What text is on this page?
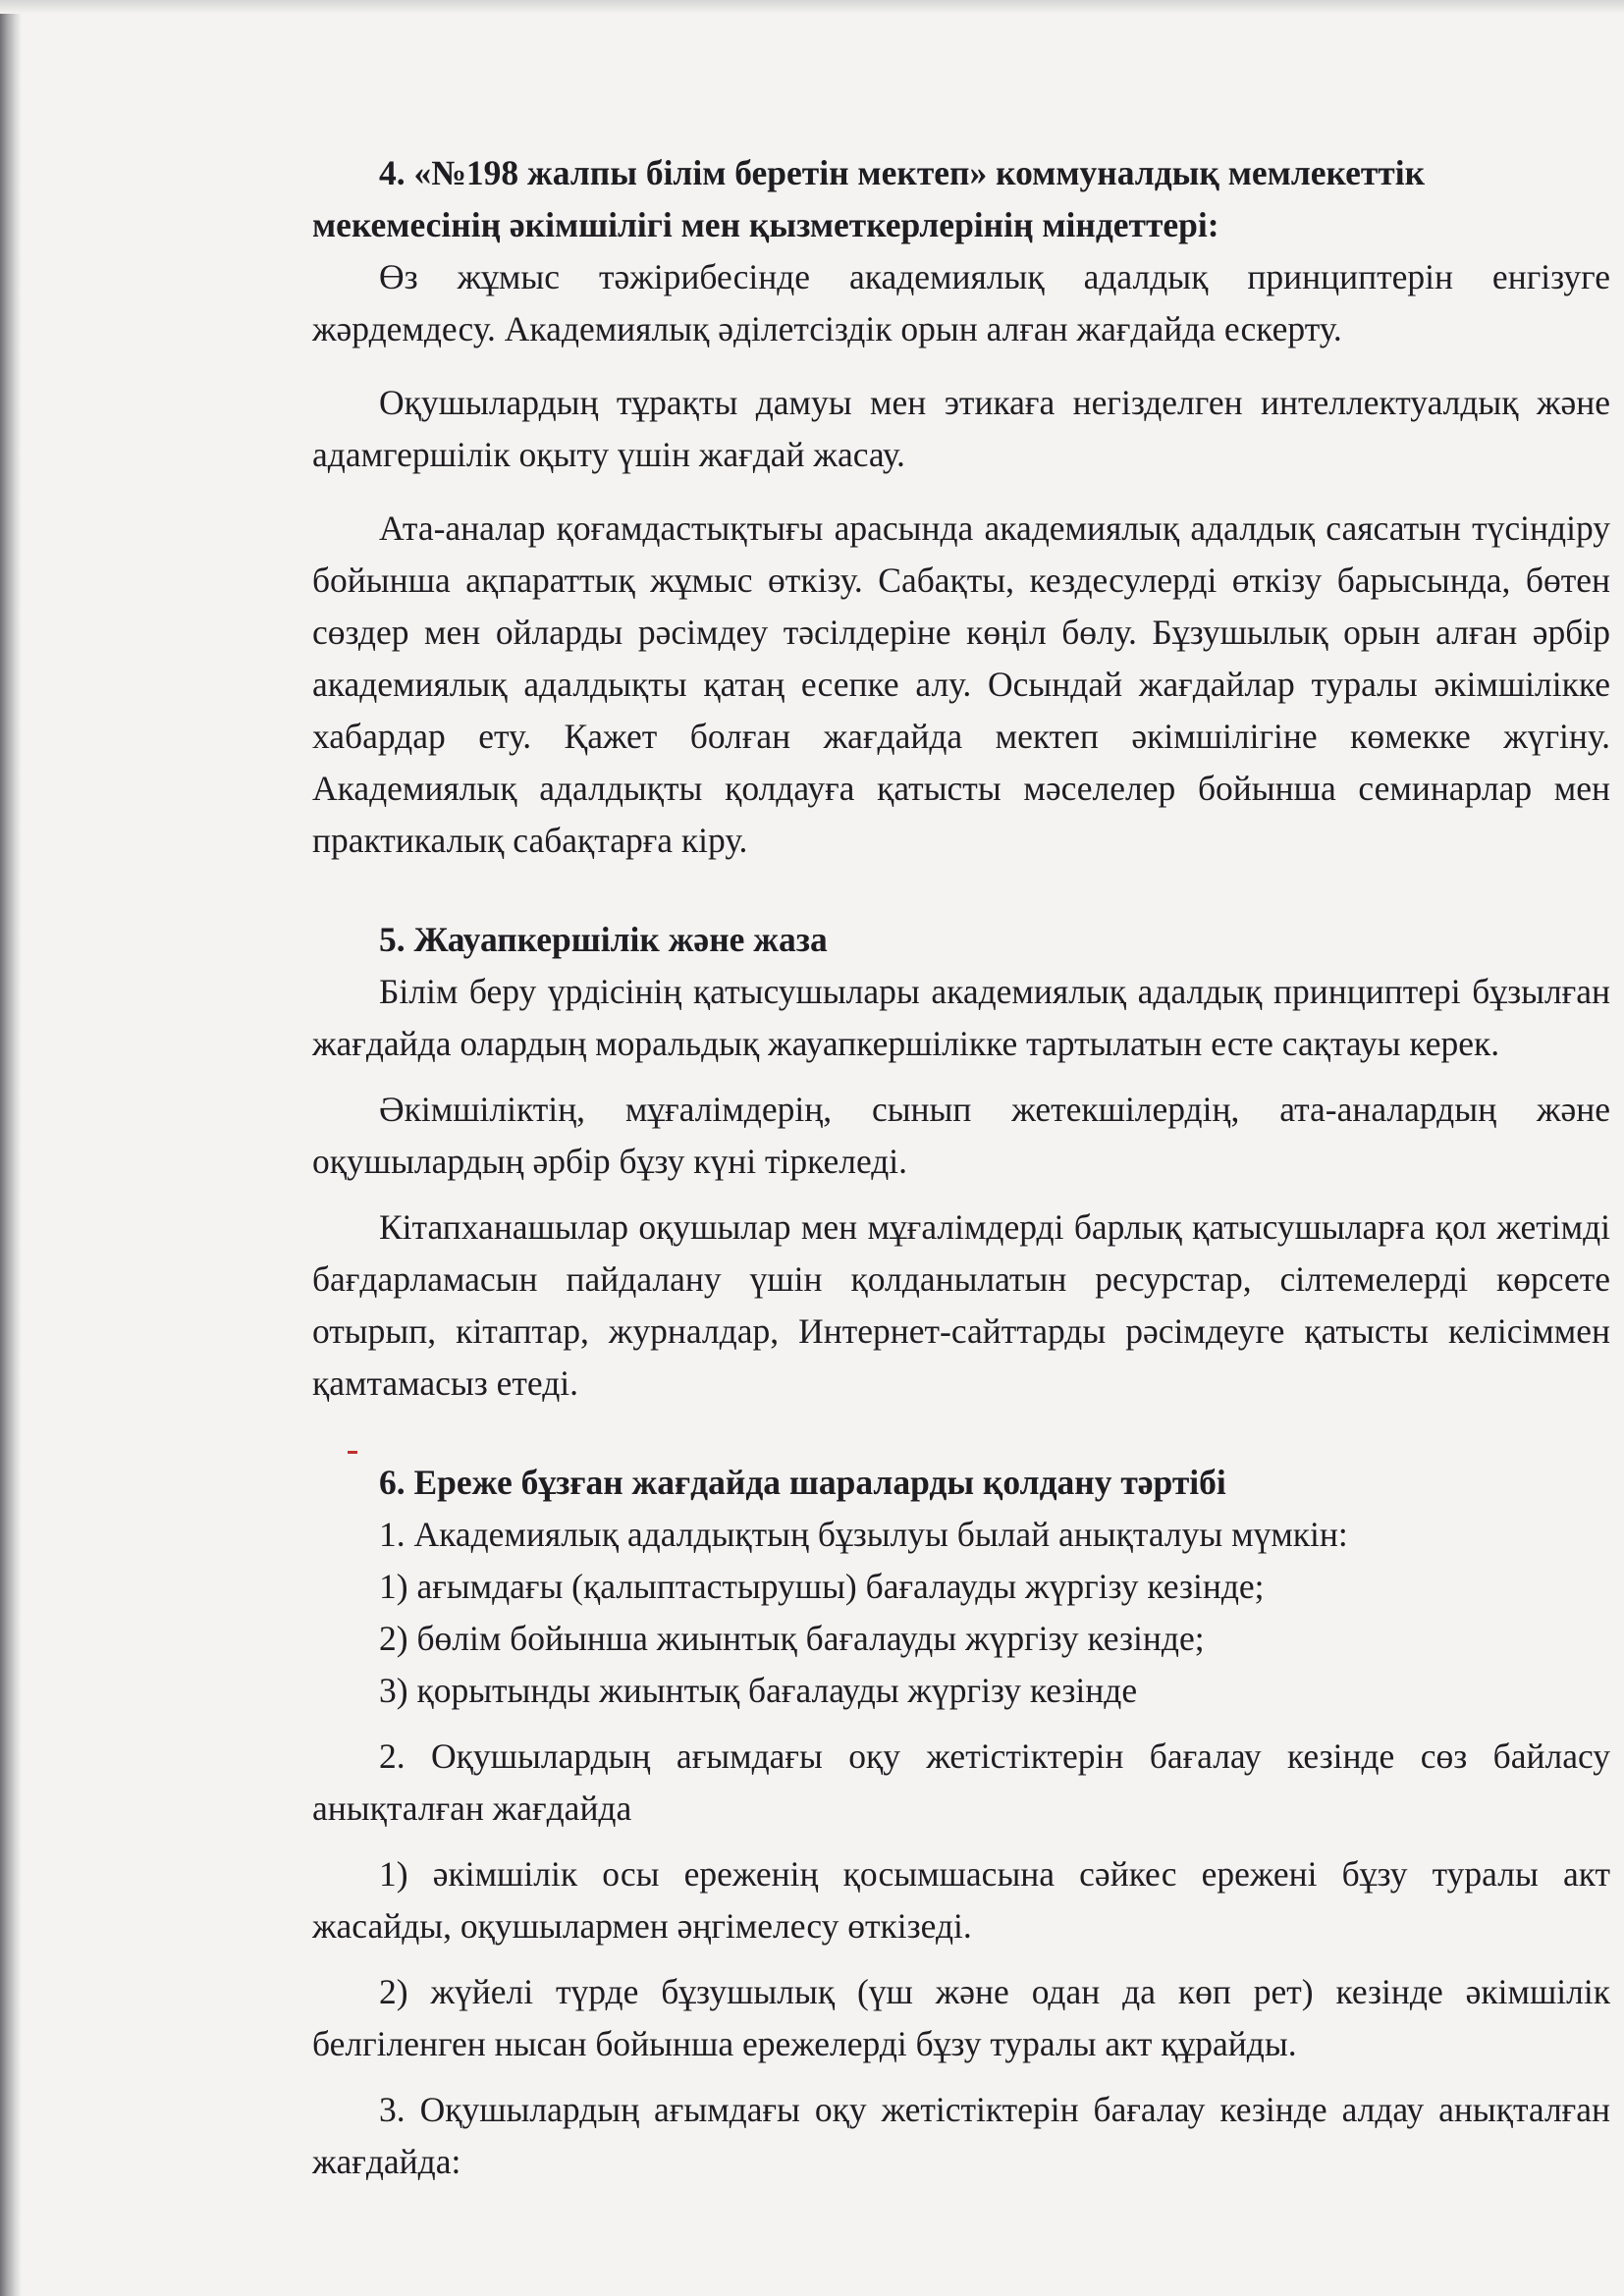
4. «№198 жалпы білім беретін мектеп» коммуналдық мемлекеттік

мекемесінің әкімшілігі мен қызметкерлерінің міндеттері:

Өз жұмыс тәжірибесінде академиялық адалдық принциптерін енгізуге жәрдемдесу. Академиялық әділетсіздік орын алған жағдайда ескерту.

Оқушылардың тұрақты дамуы мен этикаға негізделген интеллектуалдық және адамгершілік оқыту үшін жағдай жасау.

Ата-аналар қоғамдастықтығы арасында академиялық адалдық саясатын түсіндіру бойынша ақпараттық жұмыс өткізу. Сабақты, кездесулерді өткізу барысында, бөтен сөздер мен ойларды рәсімдеу тәсілдеріне көңіл бөлу. Бұзушылық орын алған әрбір академиялық адалдықты қатаң есепке алу. Осындай жағдайлар туралы әкімшілікке хабардар ету. Қажет болған жағдайда мектеп әкімшілігіне көмекке жүгіну. Академиялық адалдықты қолдауға қатысты мәселелер бойынша семинарлар мен практикалық сабақтарға кіру.

5. Жауапкершілік және жаза

Білім беру үрдісінің қатысушылары академиялық адалдық принциптері бұзылған жағдайда олардың моральдық жауапкершілікке тартылатын есте сақтауы керек.

Әкімшіліктің, мұғалімдерің, сынып жетекшілердің, ата-аналардың және оқушылардың әрбір бұзу күні тіркеледі.

Кітапханашылар оқушылар мен мұғалімдерді барлық қатысушыларға қол жетімді бағдарламасын пайдалану үшін қолданылатын ресурстар, сілтемелерді көрсете отырып, кітаптар, журналдар, Интернет-сайттарды рәсімдеуге қатысты келісіммен қамтамасыз етеді.

6. Ереже бұзған жағдайда шараларды қолдану тәртібі

1. Академиялық адалдықтың бұзылуы былай анықталуы мүмкін:

1) ағымдағы (қалыптастырушы) бағалауды жүргізу кезінде;

2) бөлім бойынша жиынтық бағалауды жүргізу кезінде;

3) қорытынды жиынтық бағалауды жүргізу кезінде

2. Оқушылардың ағымдағы оқу жетістіктерін бағалау кезінде сөз байласу анықталған жағдайда

1) әкімшілік осы ереженің қосымшасына сәйкес ережені бұзу туралы акт жасайды, оқушылармен әңгімелесу өткізеді.

2) жүйелі түрде бұзушылық (үш және одан да көп рет) кезінде әкімшілік белгіленген нысан бойынша ережелерді бұзу туралы акт құрайды.

3. Оқушылардың ағымдағы оқу жетістіктерін бағалау кезінде алдау анықталған жағдайда:
